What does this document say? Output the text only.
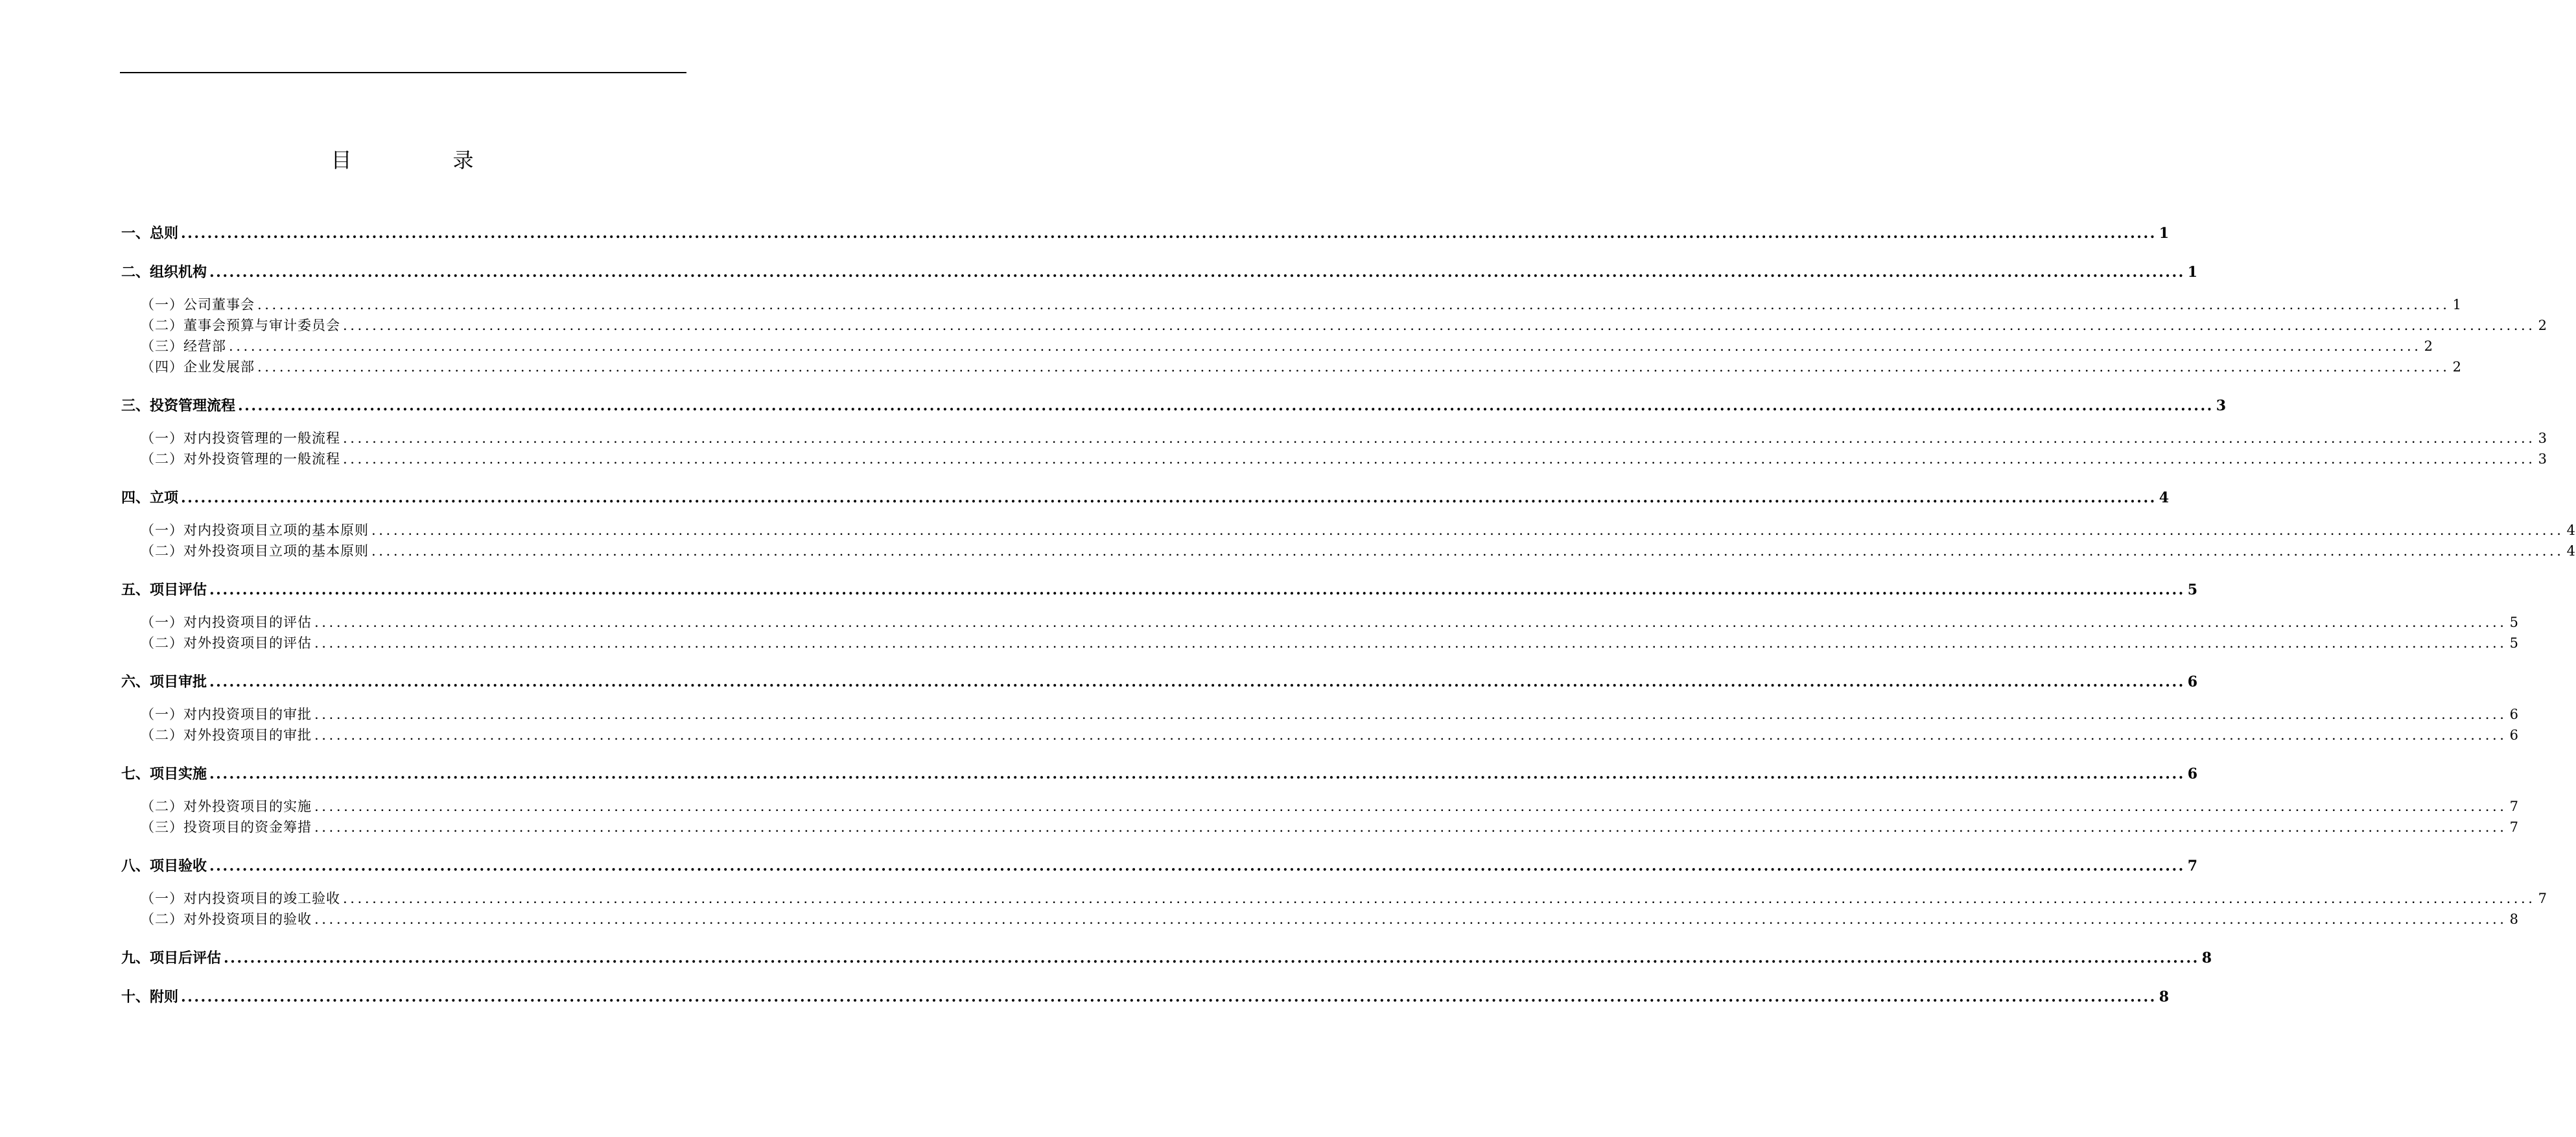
目　录
一、总则 ............................................................................................................................................................................................................................................................................................................ 1
二、组织机构 ............................................................................................................................................................................................................................................................................................................ 1
（一）公司董事会 ............................................................................................................................................................................................................................................................................................................ 1
（二）董事会预算与审计委员会 ............................................................................................................................................................................................................................................................................................................ 2
（三）经营部 ............................................................................................................................................................................................................................................................................................................ 2
（四）企业发展部 ............................................................................................................................................................................................................................................................................................................ 2
三、投资管理流程 ............................................................................................................................................................................................................................................................................................................ 3
（一）对内投资管理的一般流程 ............................................................................................................................................................................................................................................................................................................ 3
（二）对外投资管理的一般流程 ............................................................................................................................................................................................................................................................................................................ 3
四、立项 ............................................................................................................................................................................................................................................................................................................ 4
（一）对内投资项目立项的基本原则 ............................................................................................................................................................................................................................................................................................................ 4
（二）对外投资项目立项的基本原则 ............................................................................................................................................................................................................................................................................................................ 4
五、项目评估 ............................................................................................................................................................................................................................................................................................................ 5
（一）对内投资项目的评估 ............................................................................................................................................................................................................................................................................................................ 5
（二）对外投资项目的评估 ............................................................................................................................................................................................................................................................................................................ 5
六、项目审批 ............................................................................................................................................................................................................................................................................................................ 6
（一）对内投资项目的审批 ............................................................................................................................................................................................................................................................................................................ 6
（二）对外投资项目的审批 ............................................................................................................................................................................................................................................................................................................ 6
七、项目实施 ............................................................................................................................................................................................................................................................................................................ 6
（二）对外投资项目的实施 ............................................................................................................................................................................................................................................................................................................ 7
（三）投资项目的资金筹措 ............................................................................................................................................................................................................................................................................................................ 7
八、项目验收 ............................................................................................................................................................................................................................................................................................................ 7
（一）对内投资项目的竣工验收 ............................................................................................................................................................................................................................................................................................................ 7
（二）对外投资项目的验收 ............................................................................................................................................................................................................................................................................................................ 8
九、项目后评估 ............................................................................................................................................................................................................................................................................................................ 8
十、附则 ............................................................................................................................................................................................................................................................................................................ 8
